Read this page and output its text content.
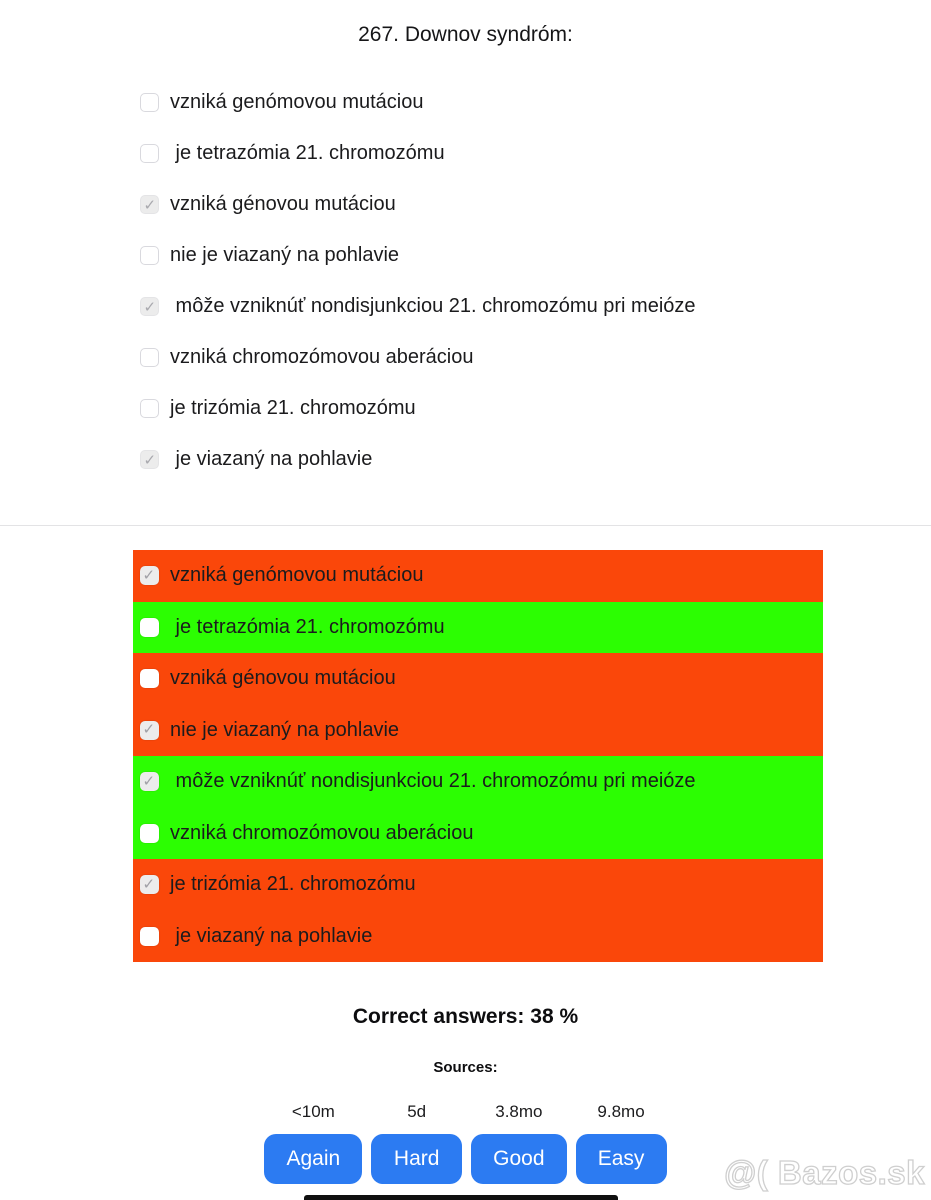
267. Downov syndróm:
vzniká genómovou mutáciou
je tetrazómia 21. chromozómu
✓
vzniká génovou mutáciou
nie je viazaný na pohlavie
✓
môže vzniknúť nondisjunkciou 21. chromozómu pri meióze
vzniká chromozómovou aberáciou
je trizómia 21. chromozómu
✓
je viazaný na pohlavie
✓
vzniká genómovou mutáciou
je tetrazómia 21. chromozómu
vzniká génovou mutáciou
✓
nie je viazaný na pohlavie
✓
môže vzniknúť nondisjunkciou 21. chromozómu pri meióze
vzniká chromozómovou aberáciou
✓
je trizómia 21. chromozómu
je viazaný na pohlavie
Correct answers: 38 %
Sources:
<10m
Again
5d
Hard
3.8mo
Good
9.8mo
Easy	@( Bazos.sk
